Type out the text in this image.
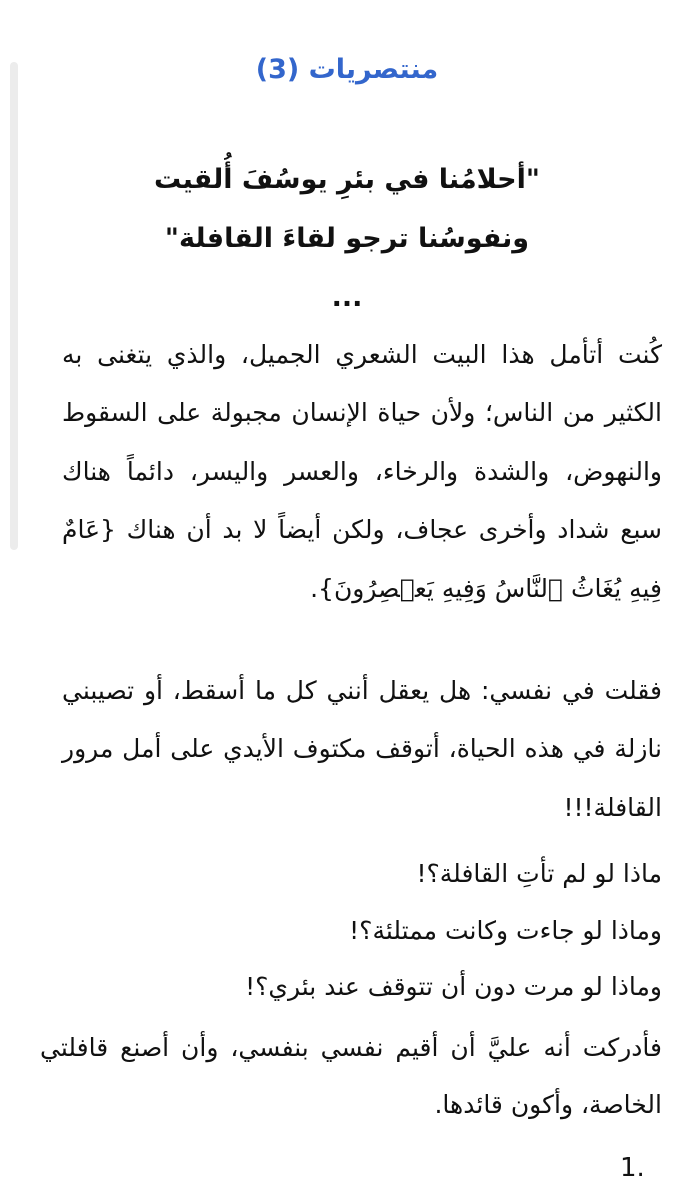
منتصريات (3)
"أحلامُنا في بئرِ يوسُفَ أُلقيت
ونفوسُنا ترجو لقاءَ القافلة"
...
كُنت أتأمل هذا البيت الشعري الجميل، والذي يتغنى به الكثير من الناس؛ ولأن حياة الإنسان مجبولة على السقوط والنهوض، والشدة والرخاء، والعسر واليسر، دائماً هناك سبع شداد وأخرى عجاف، ولكن أيضاً لا بد أن هناك {عَامٌ فِيهِ يُغَاثُ ٱلنَّاسُ وَفِيهِ يَعۡصِرُونَ}.
فقلت في نفسي: هل يعقل أنني كل ما أسقط، أو تصيبني نازلة في هذه الحياة، أتوقف مكتوف الأيدي على أمل مرور القافلة!!!
ماذا لو لم تأتِ القافلة؟!
وماذا لو جاءت وكانت ممتلئة؟!
وماذا لو مرت دون أن تتوقف عند بئري؟!
فأدركت أنه عليَّ أن أقيم نفسي بنفسي، وأن أصنع قافلتي الخاصة، وأكون قائدها.
1.
